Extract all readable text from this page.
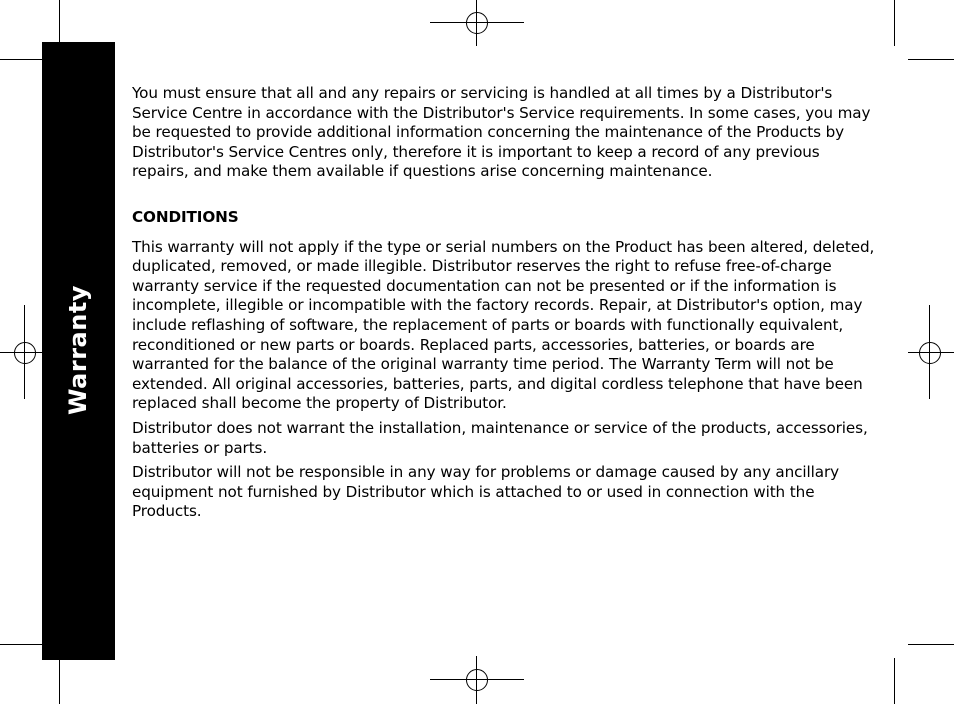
Warranty

You must ensure that all and any repairs or servicing is handled at all times by a Distributor's Service Centre in accordance with the Distributor's Service requirements. In some cases, you may be requested to provide additional information concerning the maintenance of the Products by Distributor's Service Centres only, therefore it is important to keep a record of any previous repairs, and make them available if questions arise concerning maintenance.

CONDITIONS

This warranty will not apply if the type or serial numbers on the Product has been altered, deleted, duplicated, removed, or made illegible. Distributor reserves the right to refuse free-of-charge warranty service if the requested documentation can not be presented or if the information is incomplete, illegible or incompatible with the factory records. Repair, at Distributor's option, may include reflashing of software, the replacement of parts or boards with functionally equivalent, reconditioned or new parts or boards. Replaced parts, accessories, batteries, or boards are warranted for the balance of the original warranty time period. The Warranty Term will not be extended. All original accessories, batteries, parts, and digital cordless telephone that have been replaced shall become the property of Distributor.

Distributor does not warrant the installation, maintenance or service of the products, accessories, batteries or parts.

Distributor will not be responsible in any way for problems or damage caused by any ancillary equipment not furnished by Distributor which is attached to or used in connection with the Products.
